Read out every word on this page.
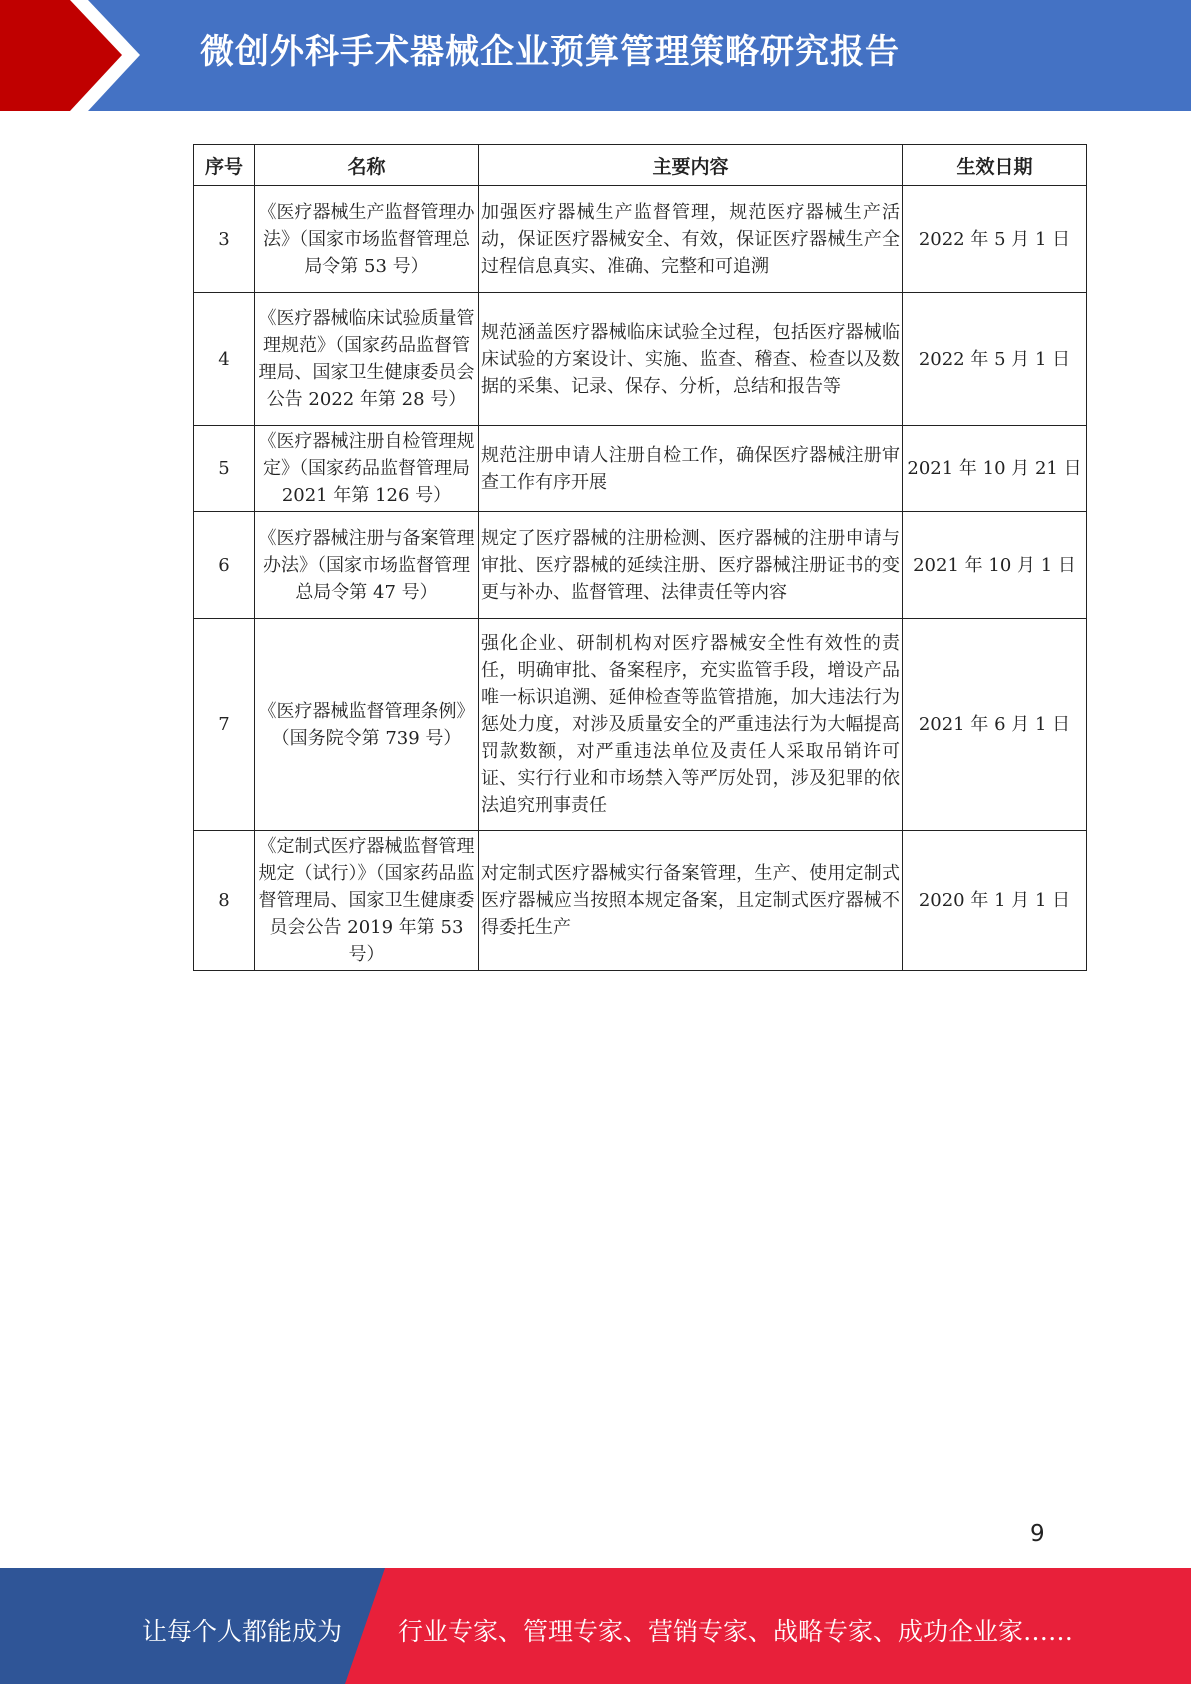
微创外科手术器械企业预算管理策略研究报告
序号	名称	主要内容	生效日期
3	《医疗器械生产监督管理办法》（国家市场监督管理总局令第 53 号）	加强医疗器械生产监督管理，规范医疗器械生产活动，保证医疗器械安全、有效，保证医疗器械生产全过程信息真实、准确、完整和可追溯	2022 年 5 月 1 日
4	《医疗器械临床试验质量管理规范》（国家药品监督管理局、国家卫生健康委员会公告 2022 年第 28 号）	规范涵盖医疗器械临床试验全过程，包括医疗器械临床试验的方案设计、实施、监查、稽查、检查以及数据的采集、记录、保存、分析，总结和报告等	2022 年 5 月 1 日
5	《医疗器械注册自检管理规定》（国家药品监督管理局2021 年第 126 号）	规范注册申请人注册自检工作，确保医疗器械注册审查工作有序开展	2021 年 10 月 21 日
6	《医疗器械注册与备案管理办法》（国家市场监督管理总局令第 47 号）	规定了医疗器械的注册检测、医疗器械的注册申请与审批、医疗器械的延续注册、医疗器械注册证书的变更与补办、监督管理、法律责任等内容	2021 年 10 月 1 日
7	《医疗器械监督管理条例》（国务院令第 739 号）	强化企业、研制机构对医疗器械安全性有效性的责任，明确审批、备案程序，充实监管手段，增设产品唯一标识追溯、延伸检查等监管措施，加大违法行为惩处力度，对涉及质量安全的严重违法行为大幅提高罚款数额，对严重违法单位及责任人采取吊销许可证、实行行业和市场禁入等严厉处罚，涉及犯罪的依法追究刑事责任	2021 年 6 月 1 日
8	《定制式医疗器械监督管理规定（试行）》（国家药品监督管理局、国家卫生健康委员会公告 2019 年第 53 号）	对定制式医疗器械实行备案管理，生产、使用定制式医疗器械应当按照本规定备案，且定制式医疗器械不得委托生产	2020 年 1 月 1 日
9
让每个人都能成为 行业专家、管理专家、营销专家、战略专家、成功企业家……
